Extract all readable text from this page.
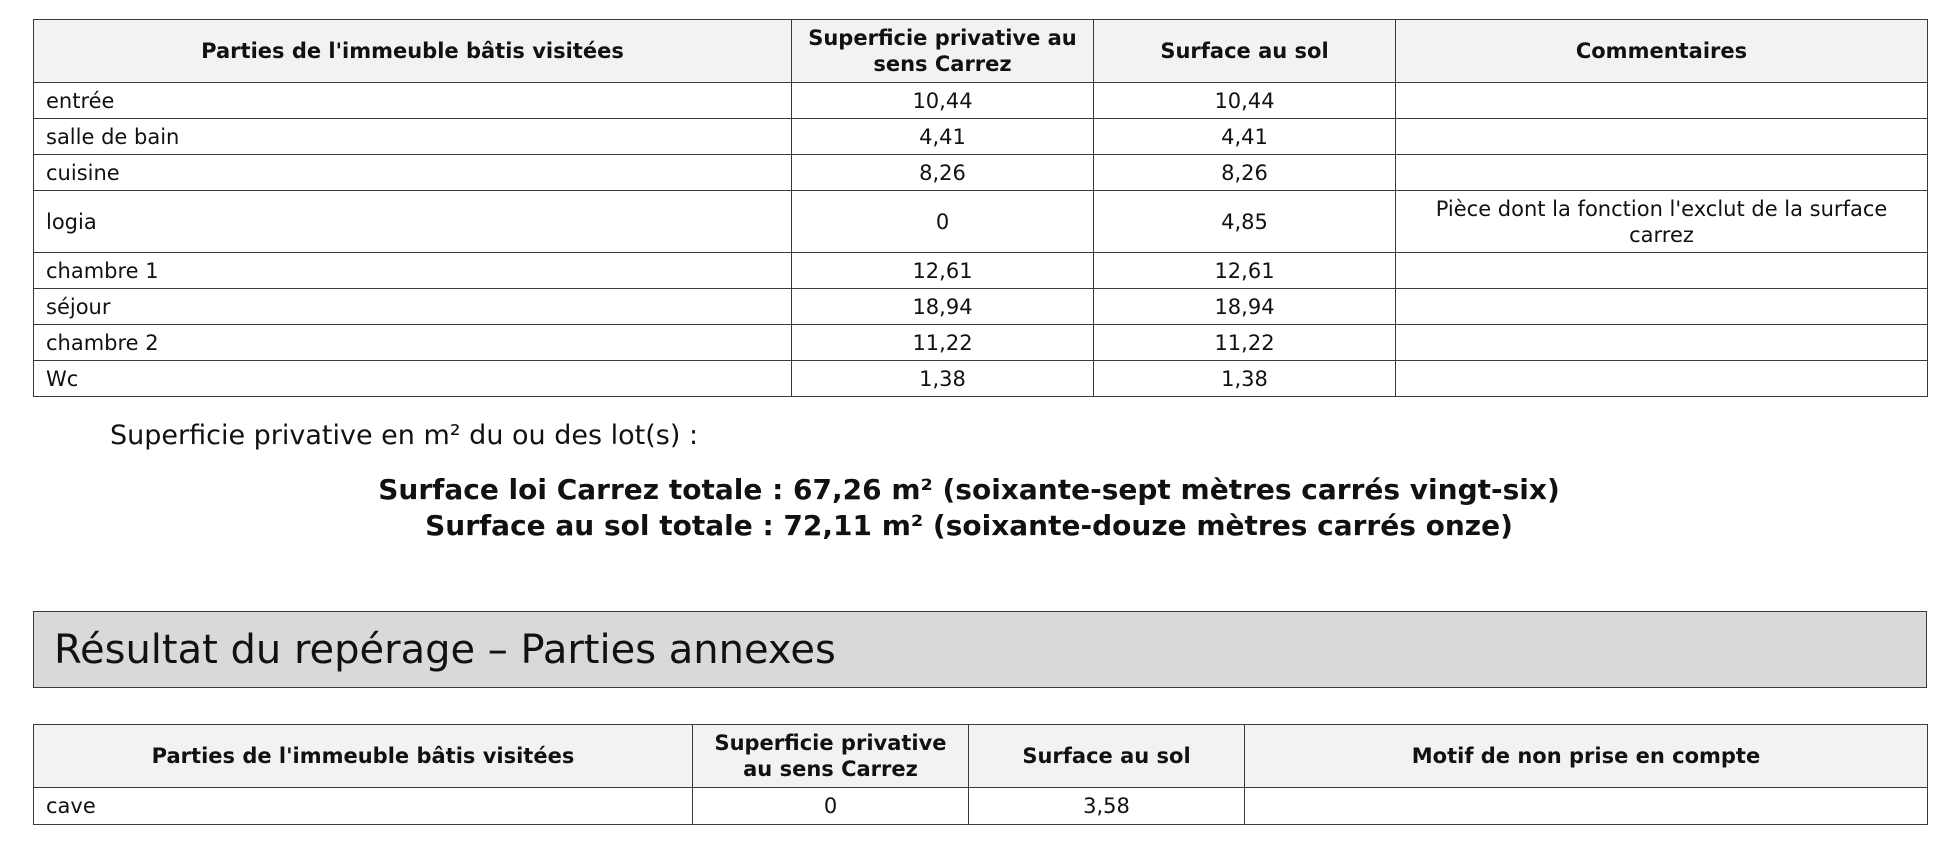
Parties de l'immeuble bâtis visitées	Superficie privative au sens Carrez	Surface au sol	Commentaires
entrée	10,44	10,44	
salle de bain	4,41	4,41	
cuisine	8,26	8,26	
logia	0	4,85	Pièce dont la fonction l'exclut de la surface carrez
chambre 1	12,61	12,61	
séjour	18,94	18,94	
chambre 2	11,22	11,22	
Wc	1,38	1,38	
Superficie privative en m² du ou des lot(s) :
Surface loi Carrez totale : 67,26 m² (soixante-sept mètres carrés vingt-six)
Surface au sol totale : 72,11 m² (soixante-douze mètres carrés onze)
Résultat du repérage – Parties annexes
Parties de l'immeuble bâtis visitées	Superficie privative au sens Carrez	Surface au sol	Motif de non prise en compte
cave	0	3,58	
